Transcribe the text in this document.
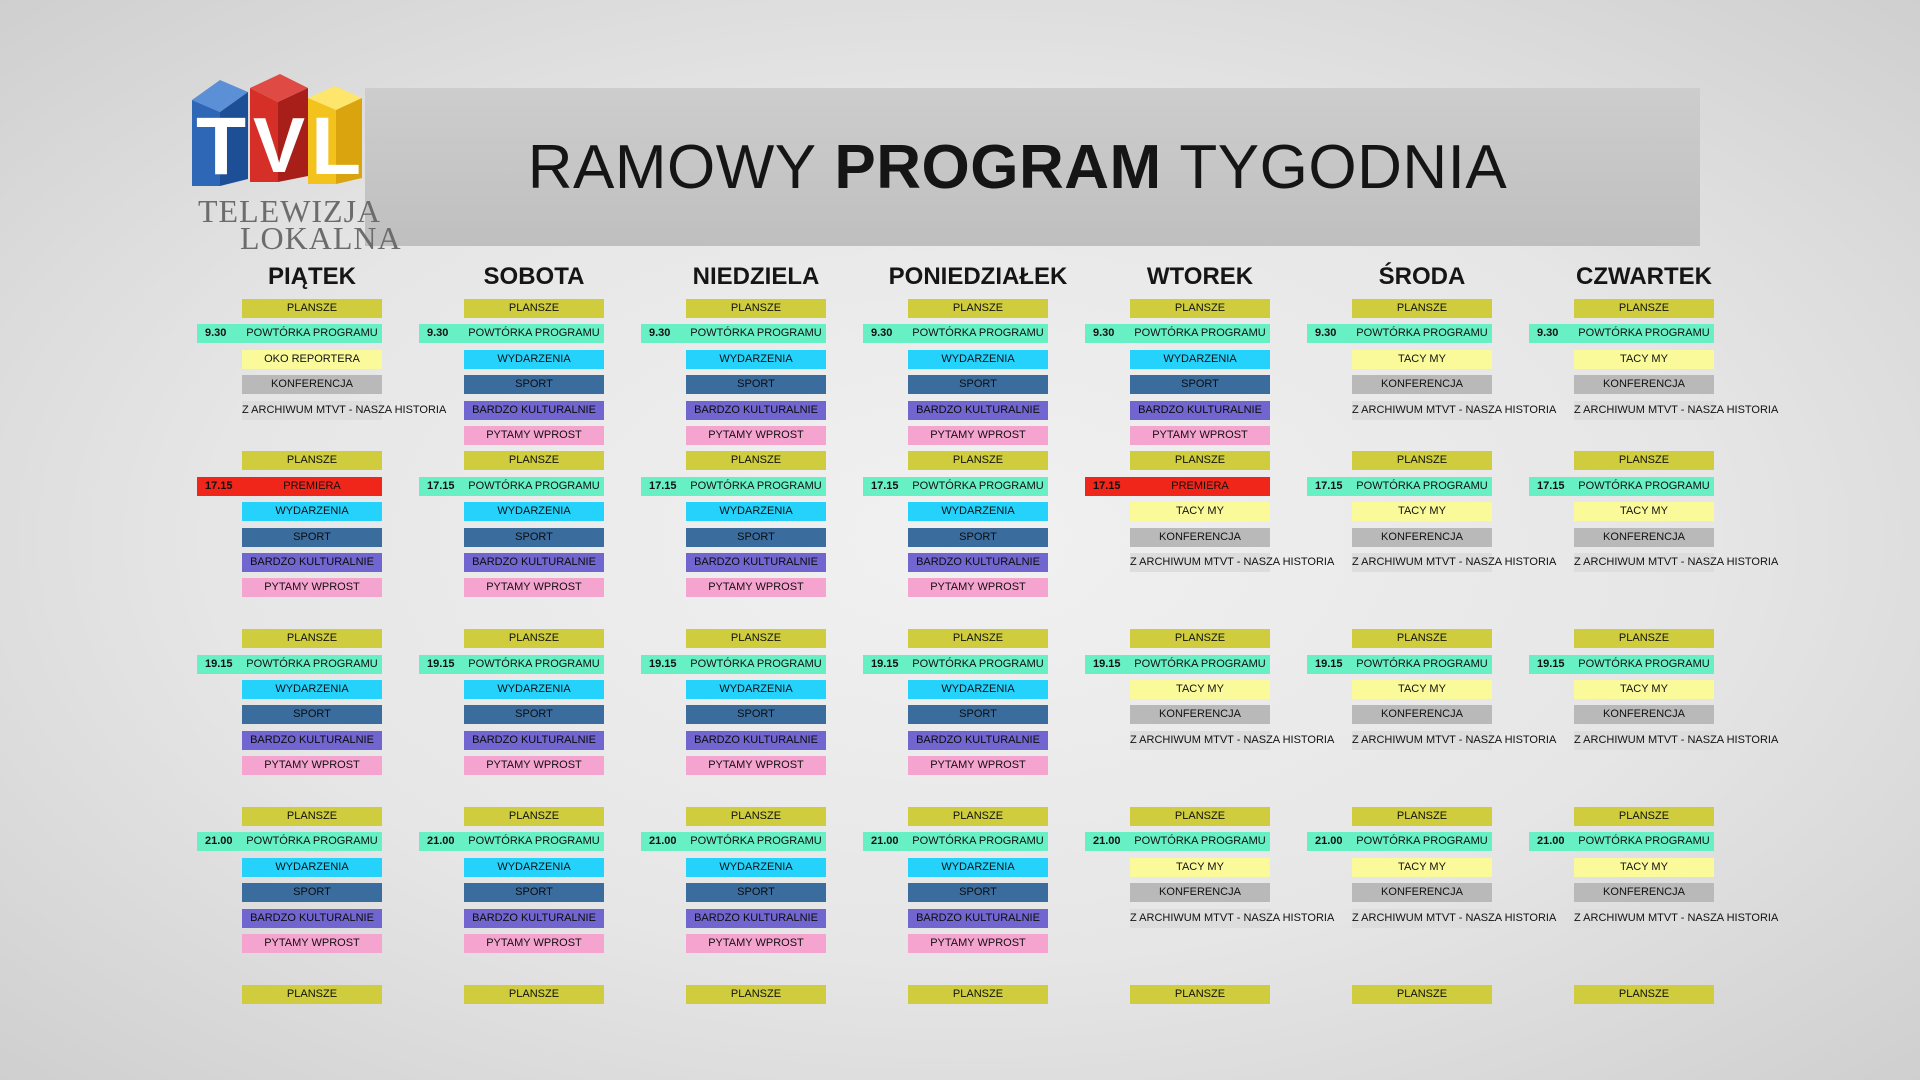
RAMOWY
PROGRAM
TYGODNIA
T V L
TELEWIZJA
LOKALNA
PIĄTEK
PLANSZE
POWTÓRKA PROGRAMU
9.30
OKO REPORTERA
KONFERENCJA
Z ARCHIWUM MTVT - NASZA HISTORIA
PLANSZE
PREMIERA
17.15
WYDARZENIA
SPORT
BARDZO KULTURALNIE
PYTAMY WPROST
PLANSZE
POWTÓRKA PROGRAMU
19.15
WYDARZENIA
SPORT
BARDZO KULTURALNIE
PYTAMY WPROST
PLANSZE
POWTÓRKA PROGRAMU
21.00
WYDARZENIA
SPORT
BARDZO KULTURALNIE
PYTAMY WPROST
PLANSZE
SOBOTA
PLANSZE
POWTÓRKA PROGRAMU
9.30
WYDARZENIA
SPORT
BARDZO KULTURALNIE
PYTAMY WPROST
PLANSZE
POWTÓRKA PROGRAMU
17.15
WYDARZENIA
SPORT
BARDZO KULTURALNIE
PYTAMY WPROST
PLANSZE
POWTÓRKA PROGRAMU
19.15
WYDARZENIA
SPORT
BARDZO KULTURALNIE
PYTAMY WPROST
PLANSZE
POWTÓRKA PROGRAMU
21.00
WYDARZENIA
SPORT
BARDZO KULTURALNIE
PYTAMY WPROST
PLANSZE
NIEDZIELA
PLANSZE
POWTÓRKA PROGRAMU
9.30
WYDARZENIA
SPORT
BARDZO KULTURALNIE
PYTAMY WPROST
PLANSZE
POWTÓRKA PROGRAMU
17.15
WYDARZENIA
SPORT
BARDZO KULTURALNIE
PYTAMY WPROST
PLANSZE
POWTÓRKA PROGRAMU
19.15
WYDARZENIA
SPORT
BARDZO KULTURALNIE
PYTAMY WPROST
PLANSZE
POWTÓRKA PROGRAMU
21.00
WYDARZENIA
SPORT
BARDZO KULTURALNIE
PYTAMY WPROST
PLANSZE
PONIEDZIAŁEK
PLANSZE
POWTÓRKA PROGRAMU
9.30
WYDARZENIA
SPORT
BARDZO KULTURALNIE
PYTAMY WPROST
PLANSZE
POWTÓRKA PROGRAMU
17.15
WYDARZENIA
SPORT
BARDZO KULTURALNIE
PYTAMY WPROST
PLANSZE
POWTÓRKA PROGRAMU
19.15
WYDARZENIA
SPORT
BARDZO KULTURALNIE
PYTAMY WPROST
PLANSZE
POWTÓRKA PROGRAMU
21.00
WYDARZENIA
SPORT
BARDZO KULTURALNIE
PYTAMY WPROST
PLANSZE
WTOREK
PLANSZE
POWTÓRKA PROGRAMU
9.30
WYDARZENIA
SPORT
BARDZO KULTURALNIE
PYTAMY WPROST
PLANSZE
PREMIERA
17.15
TACY MY
KONFERENCJA
Z ARCHIWUM MTVT - NASZA HISTORIA
PLANSZE
POWTÓRKA PROGRAMU
19.15
TACY MY
KONFERENCJA
Z ARCHIWUM MTVT - NASZA HISTORIA
PLANSZE
POWTÓRKA PROGRAMU
21.00
TACY MY
KONFERENCJA
Z ARCHIWUM MTVT - NASZA HISTORIA
PLANSZE
ŚRODA
PLANSZE
POWTÓRKA PROGRAMU
9.30
TACY MY
KONFERENCJA
Z ARCHIWUM MTVT - NASZA HISTORIA
PLANSZE
POWTÓRKA PROGRAMU
17.15
TACY MY
KONFERENCJA
Z ARCHIWUM MTVT - NASZA HISTORIA
PLANSZE
POWTÓRKA PROGRAMU
19.15
TACY MY
KONFERENCJA
Z ARCHIWUM MTVT - NASZA HISTORIA
PLANSZE
POWTÓRKA PROGRAMU
21.00
TACY MY
KONFERENCJA
Z ARCHIWUM MTVT - NASZA HISTORIA
PLANSZE
CZWARTEK
PLANSZE
POWTÓRKA PROGRAMU
9.30
TACY MY
KONFERENCJA
Z ARCHIWUM MTVT - NASZA HISTORIA
PLANSZE
POWTÓRKA PROGRAMU
17.15
TACY MY
KONFERENCJA
Z ARCHIWUM MTVT - NASZA HISTORIA
PLANSZE
POWTÓRKA PROGRAMU
19.15
TACY MY
KONFERENCJA
Z ARCHIWUM MTVT - NASZA HISTORIA
PLANSZE
POWTÓRKA PROGRAMU
21.00
TACY MY
KONFERENCJA
Z ARCHIWUM MTVT - NASZA HISTORIA
PLANSZE
